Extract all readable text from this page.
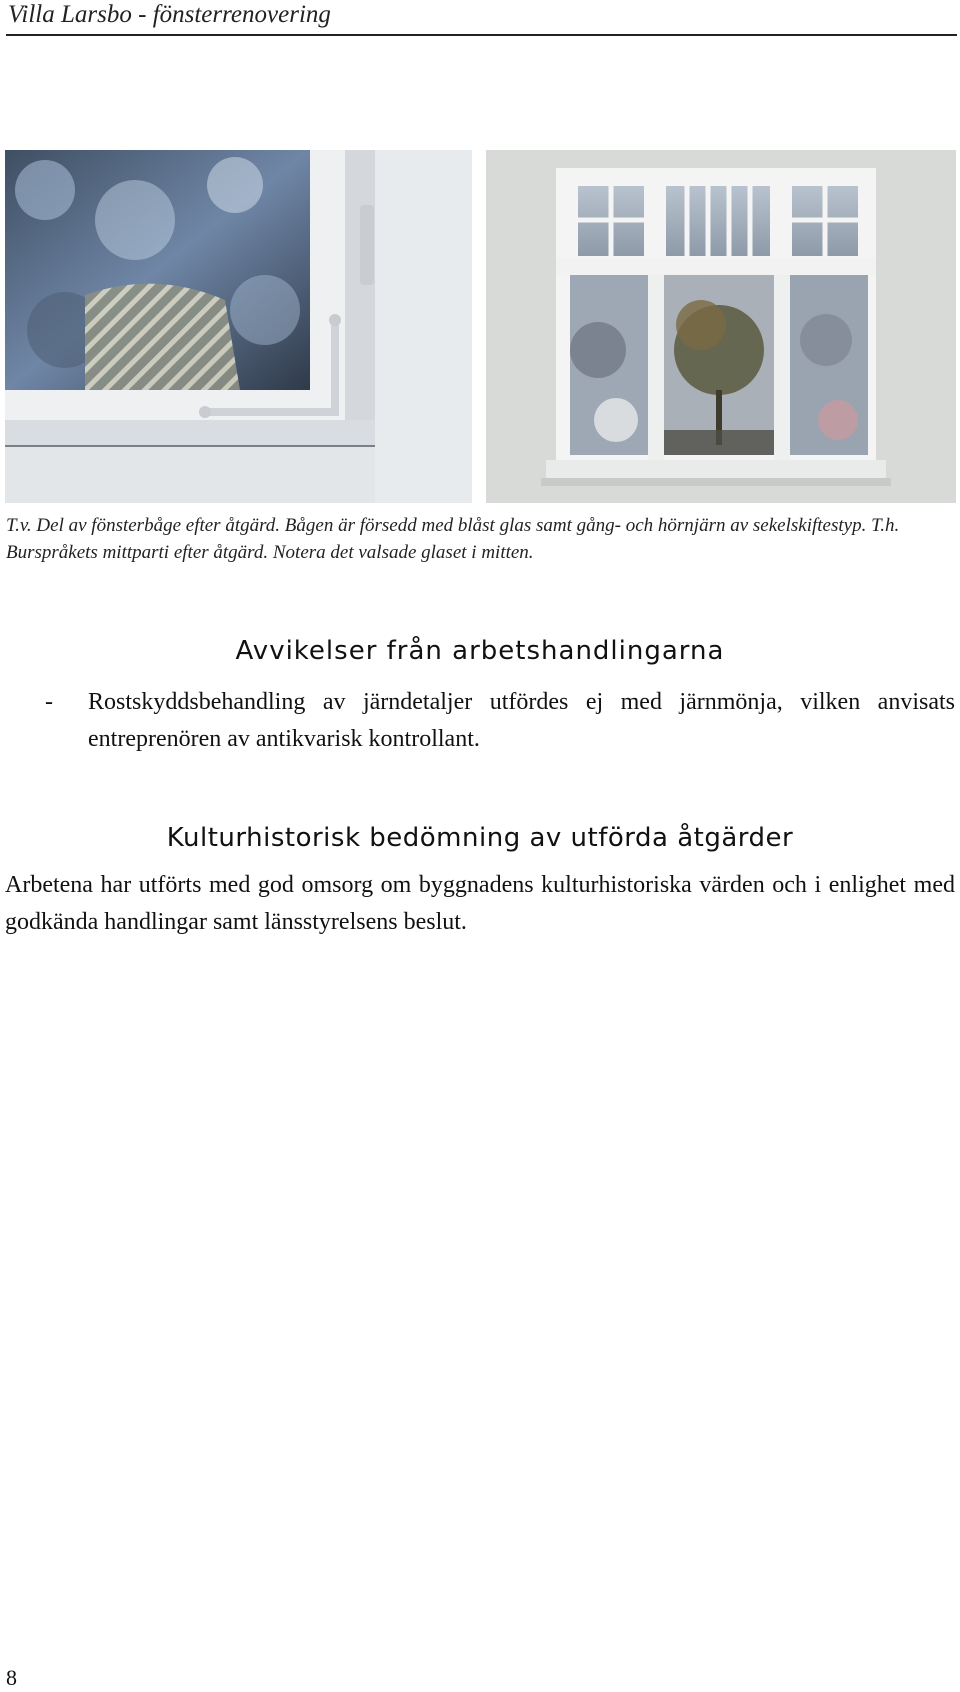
Villa Larsbo - fönsterrenovering
T.v. Del av fönsterbåge efter åtgärd. Bågen är försedd med blåst glas samt gång- och hörnjärn av sekelskiftestyp. T.h. Burspråkets mittparti efter åtgärd. Notera det valsade glaset i mitten.
Avvikelser från arbetshandlingarna
- Rostskyddsbehandling av järndetaljer utfördes ej med järnmönja, vilken anvisats entreprenören av antikvarisk kontrollant.
Kulturhistorisk bedömning av utförda åtgärder
Arbetena har utförts med god omsorg om byggnadens kulturhistoriska värden och i enlighet med godkända handlingar samt länsstyrelsens beslut.
8
